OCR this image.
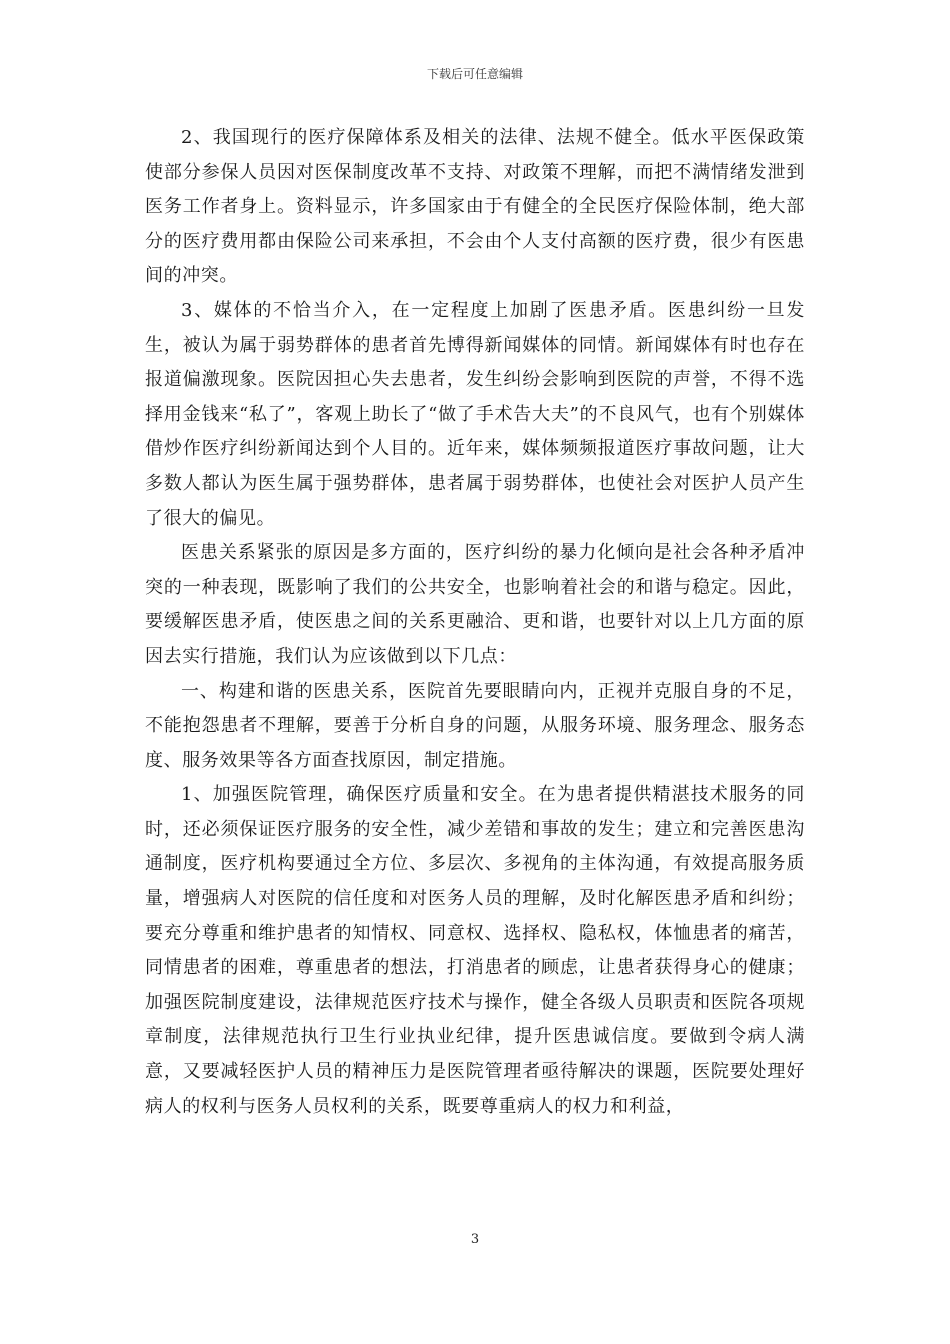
下载后可任意编辑

2、我国现行的医疗保障体系及相关的法律、法规不健全。低水平医保政策使部分参保人员因对医保制度改革不支持、对政策不理解，而把不满情绪发泄到医务工作者身上。资料显示，许多国家由于有健全的全民医疗保险体制，绝大部分的医疗费用都由保险公司来承担，不会由个人支付高额的医疗费，很少有医患间的冲突。

3、媒体的不恰当介入，在一定程度上加剧了医患矛盾。医患纠纷一旦发生，被认为属于弱势群体的患者首先博得新闻媒体的同情。新闻媒体有时也存在报道偏激现象。医院因担心失去患者，发生纠纷会影响到医院的声誉，不得不选择用金钱来“私了”，客观上助长了“做了手术告大夫”的不良风气，也有个别媒体借炒作医疗纠纷新闻达到个人目的。近年来，媒体频频报道医疗事故问题，让大多数人都认为医生属于强势群体，患者属于弱势群体，也使社会对医护人员产生了很大的偏见。

医患关系紧张的原因是多方面的，医疗纠纷的暴力化倾向是社会各种矛盾冲突的一种表现，既影响了我们的公共安全，也影响着社会的和谐与稳定。因此，要缓解医患矛盾，使医患之间的关系更融洽、更和谐，也要针对以上几方面的原因去实行措施，我们认为应该做到以下几点：

一、构建和谐的医患关系，医院首先要眼睛向内，正视并克服自身的不足，不能抱怨患者不理解，要善于分析自身的问题，从服务环境、服务理念、服务态度、服务效果等各方面查找原因，制定措施。

1、加强医院管理，确保医疗质量和安全。在为患者提供精湛技术服务的同时，还必须保证医疗服务的安全性，减少差错和事故的发生；建立和完善医患沟通制度，医疗机构要通过全方位、多层次、多视角的主体沟通，有效提高服务质量，增强病人对医院的信任度和对医务人员的理解，及时化解医患矛盾和纠纷；要充分尊重和维护患者的知情权、同意权、选择权、隐私权，体恤患者的痛苦，同情患者的困难，尊重患者的想法，打消患者的顾虑，让患者获得身心的健康；加强医院制度建设，法律规范医疗技术与操作，健全各级人员职责和医院各项规章制度，法律规范执行卫生行业执业纪律，提升医患诚信度。要做到令病人满意，又要减轻医护人员的精神压力是医院管理者亟待解决的课题，医院要处理好病人的权利与医务人员权利的关系，既要尊重病人的权力和利益，

3
